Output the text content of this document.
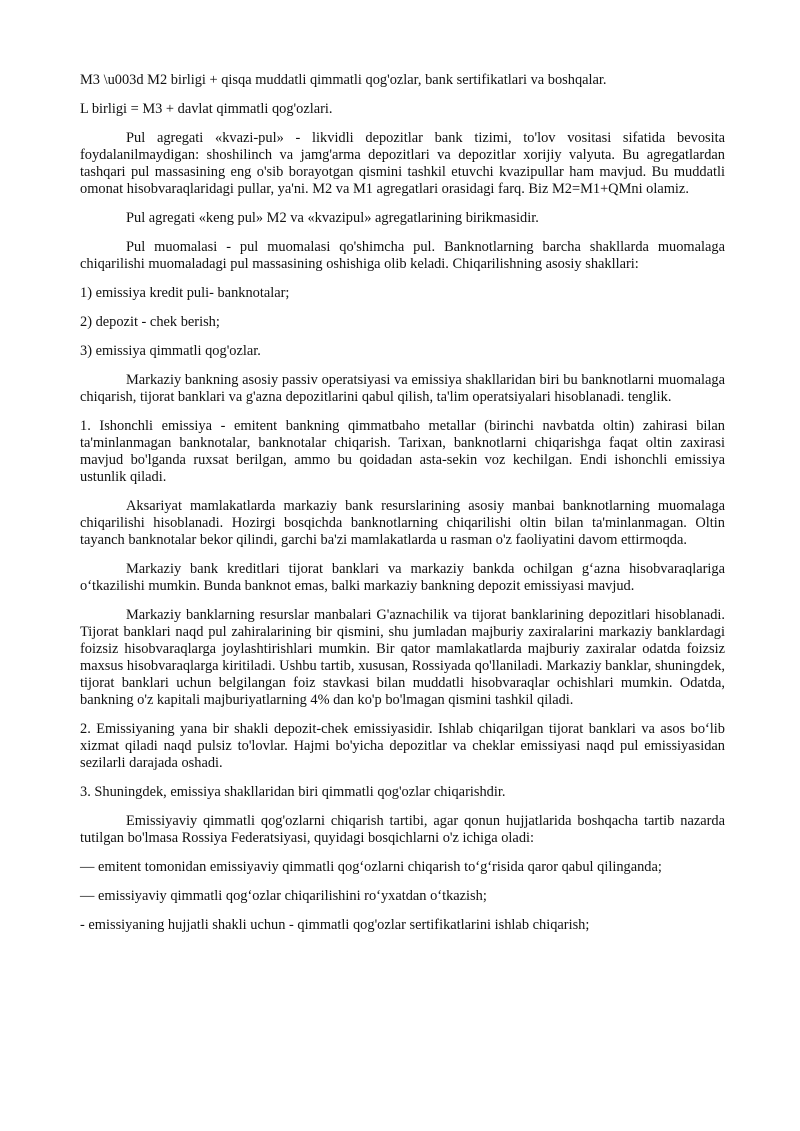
M3 \u003d M2 birligi + qisqa muddatli qimmatli qog'ozlar, bank sertifikatlari va boshqalar.

L birligi = M3 + davlat qimmatli qog'ozlari.

Pul agregati «kvazi-pul» - likvidli depozitlar bank tizimi, to'lov vositasi sifatida bevosita foydalanilmaydigan: shoshilinch va jamg'arma depozitlari va depozitlar xorijiy valyuta. Bu agregatlardan tashqari pul massasining eng o'sib borayotgan qismini tashkil etuvchi kvazipullar ham mavjud. Bu muddatli omonat hisobvaraqlaridagi pullar, ya'ni. M2 va M1 agregatlari orasidagi farq. Biz M2=M1+QMni olamiz.

Pul agregati «keng pul» M2 va «kvazipul» agregatlarining birikmasidir.

Pul muomalasi - pul muomalasi qo'shimcha pul. Banknotlarning barcha shakllarda muomalaga chiqarilishi muomaladagi pul massasining oshishiga olib keladi. Chiqarilishning asosiy shakllari:

1) emissiya kredit puli- banknotalar;

2) depozit - chek berish;

3) emissiya qimmatli qog'ozlar.

Markaziy bankning asosiy passiv operatsiyasi va emissiya shakllaridan biri bu banknotlarni muomalaga chiqarish, tijorat banklari va g'azna depozitlarini qabul qilish, ta'lim operatsiyalari hisoblanadi. tenglik.

1. Ishonchli emissiya - emitent bankning qimmatbaho metallar (birinchi navbatda oltin) zahirasi bilan ta'minlanmagan banknotalar, banknotalar chiqarish. Tarixan, banknotlarni chiqarishga faqat oltin zaxirasi mavjud bo'lganda ruxsat berilgan, ammo bu qoidadan asta-sekin voz kechilgan. Endi ishonchli emissiya ustunlik qiladi.

Aksariyat mamlakatlarda markaziy bank resurslarining asosiy manbai banknotlarning muomalaga chiqarilishi hisoblanadi. Hozirgi bosqichda banknotlarning chiqarilishi oltin bilan ta'minlanmagan. Oltin tayanch banknotalar bekor qilindi, garchi ba'zi mamlakatlarda u rasman o'z faoliyatini davom ettirmoqda.

Markaziy bank kreditlari tijorat banklari va markaziy bankda ochilgan g‘azna hisobvaraqlariga o‘tkazilishi mumkin. Bunda banknot emas, balki markaziy bankning depozit emissiyasi mavjud.

Markaziy banklarning resurslar manbalari G'aznachilik va tijorat banklarining depozitlari hisoblanadi. Tijorat banklari naqd pul zahiralarining bir qismini, shu jumladan majburiy zaxiralarini markaziy banklardagi foizsiz hisobvaraqlarga joylashtirishlari mumkin. Bir qator mamlakatlarda majburiy zaxiralar odatda foizsiz maxsus hisobvaraqlarga kiritiladi. Ushbu tartib, xususan, Rossiyada qo'llaniladi. Markaziy banklar, shuningdek, tijorat banklari uchun belgilangan foiz stavkasi bilan muddatli hisobvaraqlar ochishlari mumkin. Odatda, bankning o'z kapitali majburiyatlarning 4% dan ko'p bo'lmagan qismini tashkil qiladi.

2. Emissiyaning yana bir shakli depozit-chek emissiyasidir. Ishlab chiqarilgan tijorat banklari va asos bo‘lib xizmat qiladi naqd pulsiz to'lovlar. Hajmi bo'yicha depozitlar va cheklar emissiyasi naqd pul emissiyasidan sezilarli darajada oshadi.

3. Shuningdek, emissiya shakllaridan biri qimmatli qog'ozlar chiqarishdir.

Emissiyaviy qimmatli qog'ozlarni chiqarish tartibi, agar qonun hujjatlarida boshqacha tartib nazarda tutilgan bo'lmasa Rossiya Federatsiyasi, quyidagi bosqichlarni o'z ichiga oladi:

— emitent tomonidan emissiyaviy qimmatli qog‘ozlarni chiqarish to‘g‘risida qaror qabul qilinganda;

— emissiyaviy qimmatli qog‘ozlar chiqarilishini ro‘yxatdan o‘tkazish;

- emissiyaning hujjatli shakli uchun - qimmatli qog'ozlar sertifikatlarini ishlab chiqarish;
